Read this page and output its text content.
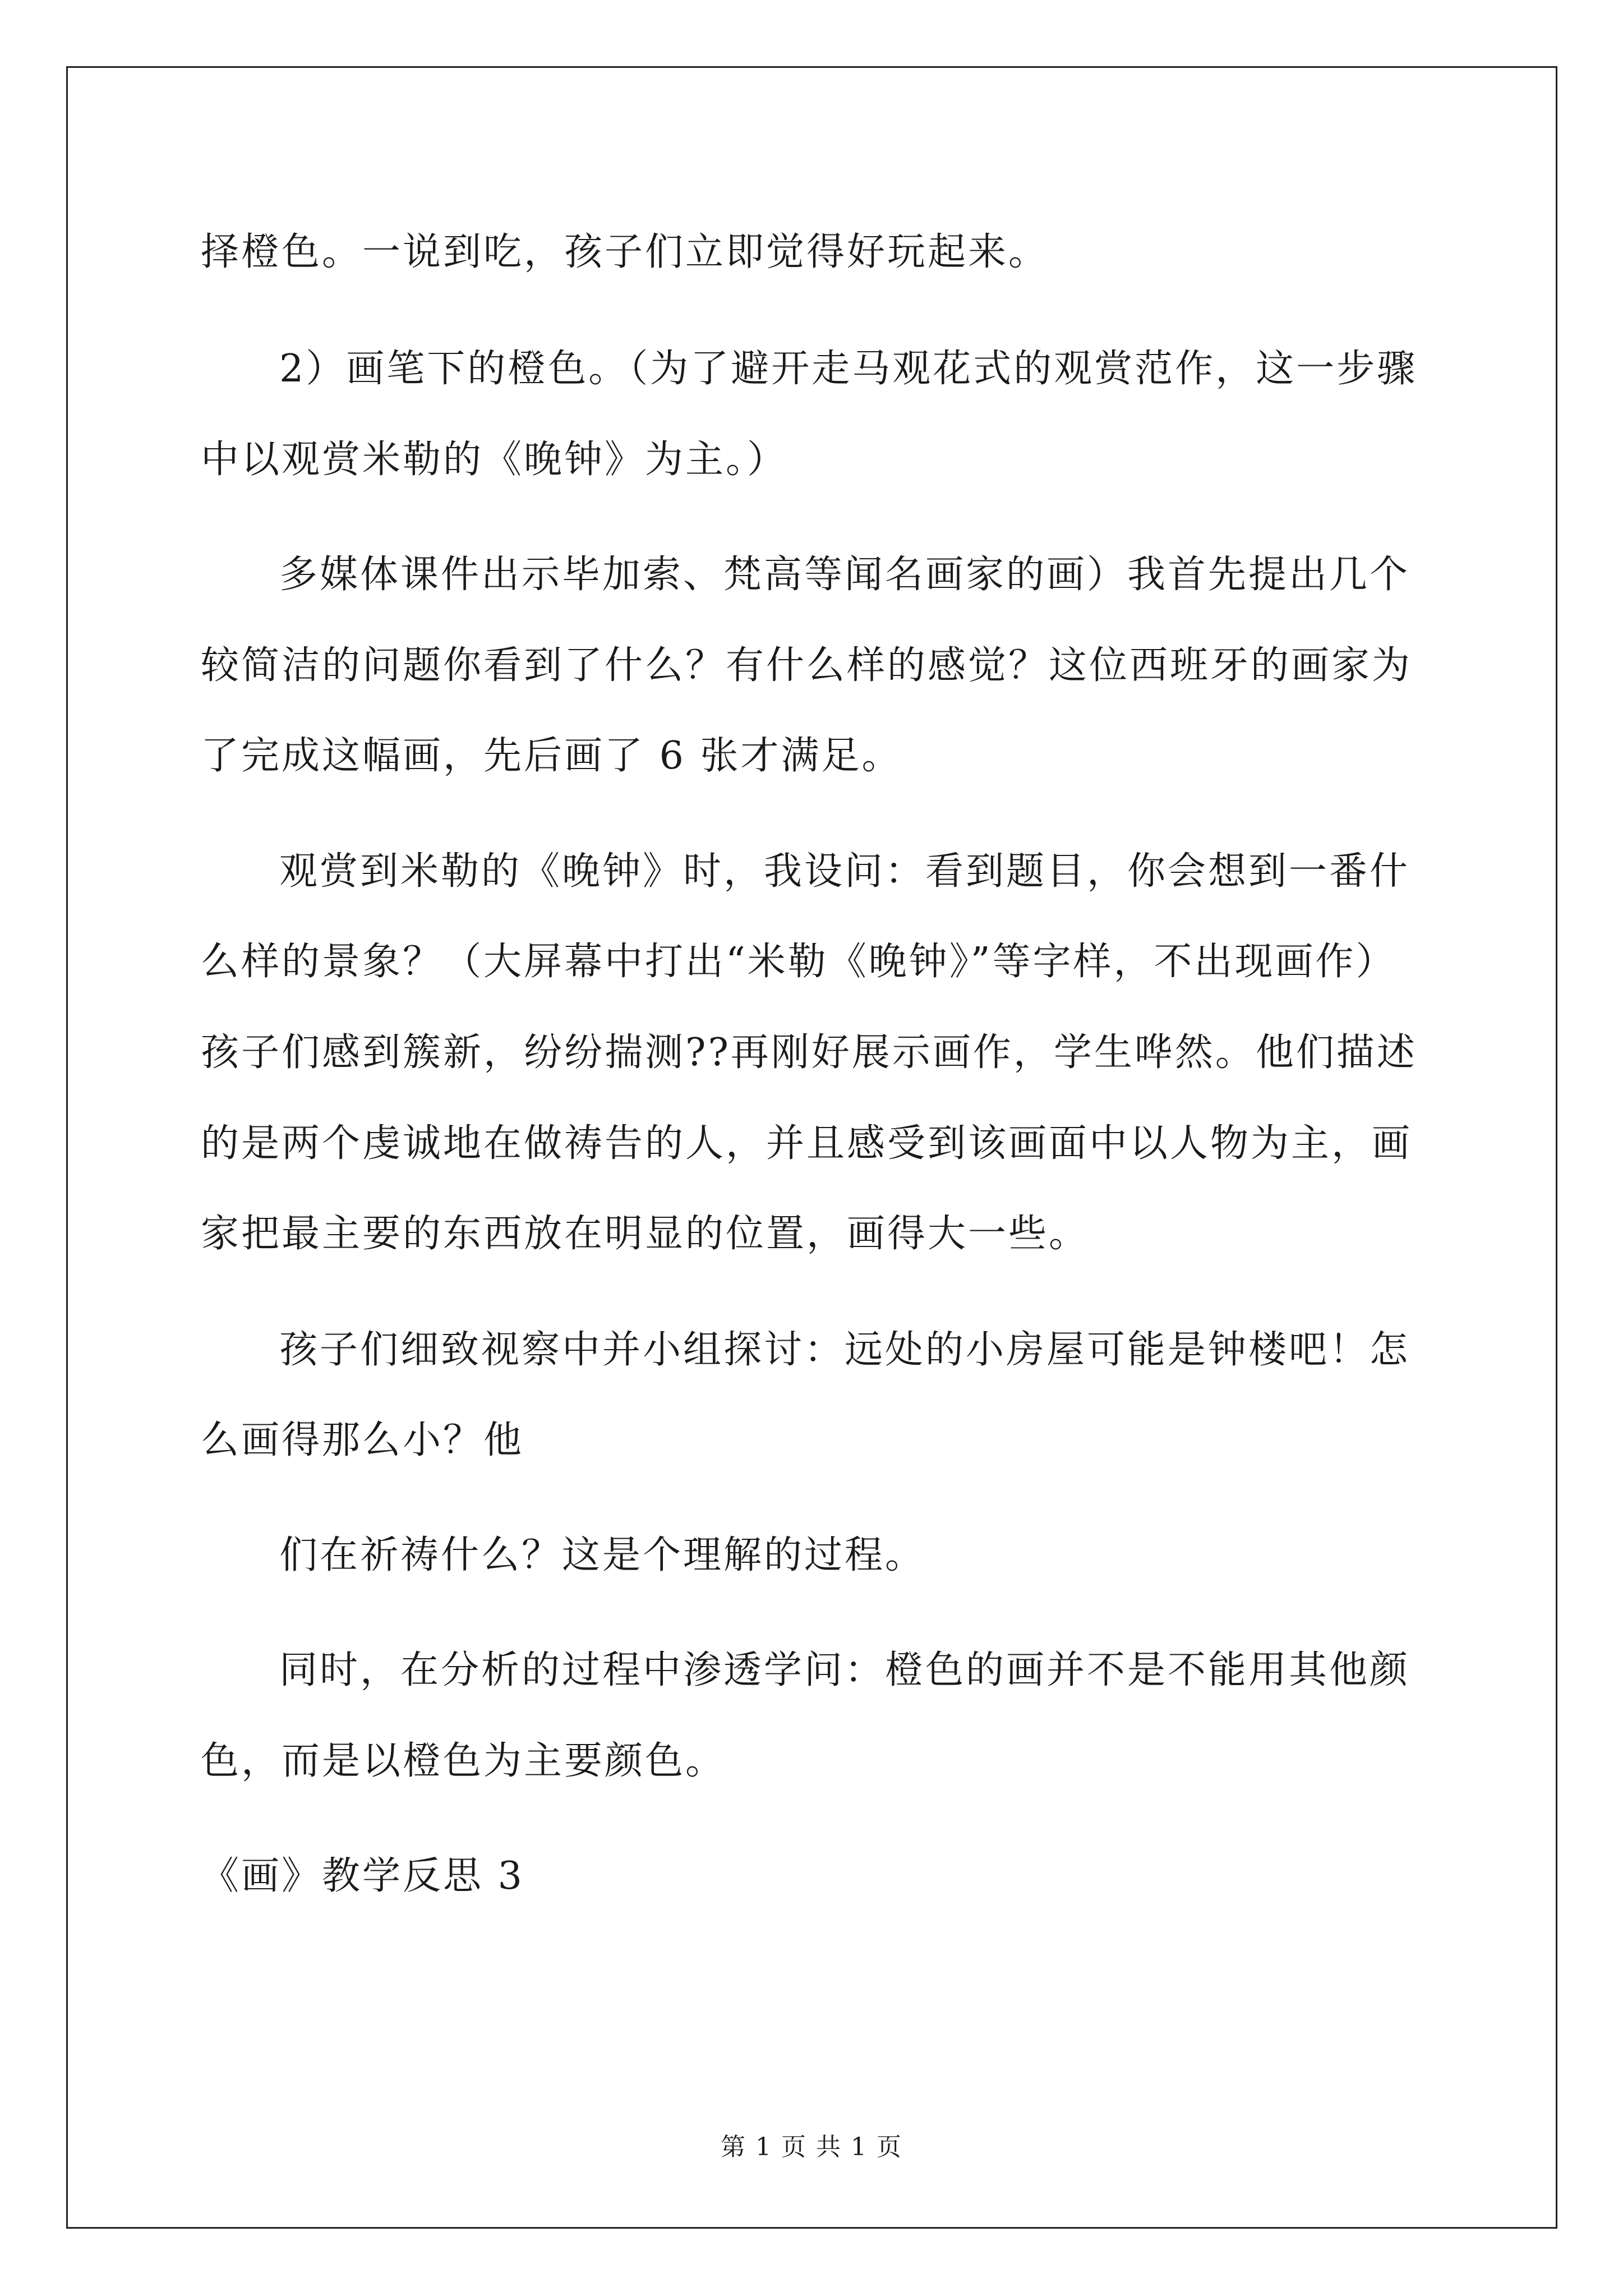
择橙色。一说到吃，孩子们立即觉得好玩起来。
2）画笔下的橙色。（为了避开走马观花式的观赏范作，这一步骤
中以观赏米勒的《晚钟》为主。）
多媒体课件出示毕加索、梵高等闻名画家的画）我首先提出几个
较简洁的问题你看到了什么？有什么样的感觉？这位西班牙的画家为
了完成这幅画，先后画了 6 张才满足。
观赏到米勒的《晚钟》时，我设问：看到题目，你会想到一番什
么样的景象？（大屏幕中打出“米勒《晚钟》”等字样，不出现画作）
孩子们感到簇新，纷纷揣测??再刚好展示画作，学生哗然。他们描述
的是两个虔诚地在做祷告的人，并且感受到该画面中以人物为主，画
家把最主要的东西放在明显的位置，画得大一些。
孩子们细致视察中并小组探讨：远处的小房屋可能是钟楼吧！怎
么画得那么小？他
们在祈祷什么？这是个理解的过程。
同时，在分析的过程中渗透学问：橙色的画并不是不能用其他颜
色，而是以橙色为主要颜色。
《画》教学反思 3
第 1 页 共 1 页
